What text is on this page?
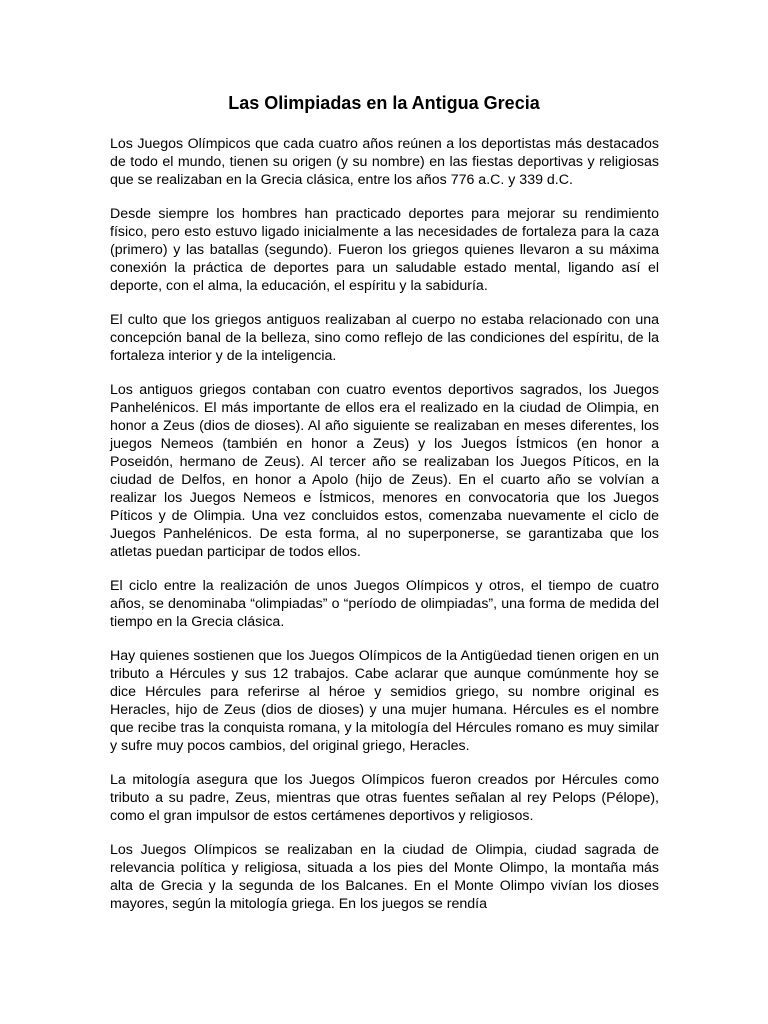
Las Olimpiadas en la Antigua Grecia

Los Juegos Olímpicos que cada cuatro años reúnen a los deportistas más destacados de todo el mundo, tienen su origen (y su nombre) en las fiestas deportivas y religiosas que se realizaban en la Grecia clásica, entre los años 776 a.C. y 339 d.C.

Desde siempre los hombres han practicado deportes para mejorar su rendimiento físico, pero esto estuvo ligado inicialmente a las necesidades de fortaleza para la caza (primero) y las batallas (segundo). Fueron los griegos quienes llevaron a su máxima conexión la práctica de deportes para un saludable estado mental, ligando así el deporte, con el alma, la educación, el espíritu y la sabiduría.

El culto que los griegos antiguos realizaban al cuerpo no estaba relacionado con una concepción banal de la belleza, sino como reflejo de las condiciones del espíritu, de la fortaleza interior y de la inteligencia.

Los antiguos griegos contaban con cuatro eventos deportivos sagrados, los Juegos Panhelénicos. El más importante de ellos era el realizado en la ciudad de Olimpia, en honor a Zeus (dios de dioses). Al año siguiente se realizaban en meses diferentes, los juegos Nemeos (también en honor a Zeus) y los Juegos Ístmicos (en honor a Poseidón, hermano de Zeus). Al tercer año se realizaban los Juegos Píticos, en la ciudad de Delfos, en honor a Apolo (hijo de Zeus). En el cuarto año se volvían a realizar los Juegos Nemeos e Ístmicos, menores en convocatoria que los Juegos Píticos y de Olimpia. Una vez concluidos estos, comenzaba nuevamente el ciclo de Juegos Panhelénicos. De esta forma, al no superponerse, se garantizaba que los atletas puedan participar de todos ellos.

El ciclo entre la realización de unos Juegos Olímpicos y otros, el tiempo de cuatro años, se denominaba “olimpiadas” o “período de olimpiadas”, una forma de medida del tiempo en la Grecia clásica.

Hay quienes sostienen que los Juegos Olímpicos de la Antigüedad tienen origen en un tributo a Hércules y sus 12 trabajos. Cabe aclarar que aunque comúnmente hoy se dice Hércules para referirse al héroe y semidios griego, su nombre original es Heracles, hijo de Zeus (dios de dioses) y una mujer humana. Hércules es el nombre que recibe tras la conquista romana, y la mitología del Hércules romano es muy similar y sufre muy pocos cambios, del original griego, Heracles.

La mitología asegura que los Juegos Olímpicos fueron creados por Hércules como tributo a su padre, Zeus, mientras que otras fuentes señalan al rey Pelops (Pélope), como el gran impulsor de estos certámenes deportivos y religiosos.

Los Juegos Olímpicos se realizaban en la ciudad de Olimpia, ciudad sagrada de relevancia política y religiosa, situada a los pies del Monte Olimpo, la montaña más alta de Grecia y la segunda de los Balcanes. En el Monte Olimpo vivían los dioses mayores, según la mitología griega. En los juegos se rendía
